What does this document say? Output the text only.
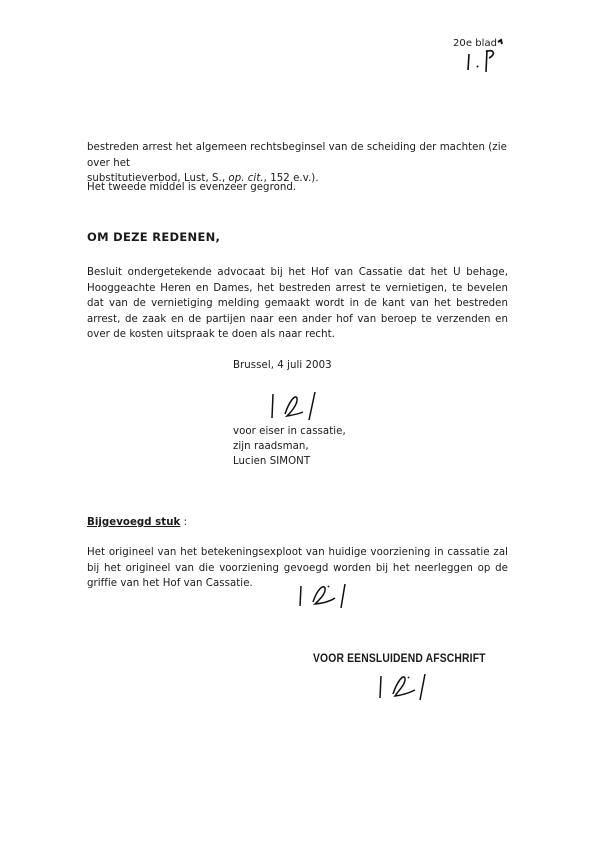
20e blad
bestreden arrest het algemeen rechtsbeginsel van de scheiding der machten (zie over het
substitutieverbod, Lust, S., op. cit., 152 e.v.).
Het tweede middel is evenzeer gegrond.
OM DEZE REDENEN,
Besluit ondergetekende advocaat bij het Hof van Cassatie dat het U behage, Hooggeachte Heren en Dames, het bestreden arrest te vernietigen, te bevelen dat van de vernietiging melding gemaakt wordt in de kant van het bestreden arrest, de zaak en de partijen naar een ander hof van beroep te verzenden en over de kosten uitspraak te doen als naar recht.
Brussel, 4 juli 2003
voor eiser in cassatie,
zijn raadsman,
Lucien SIMONT
Bijgevoegd stuk :
Het origineel van het betekeningsexploot van huidige voorziening in cassatie zal bij het origineel van die voorziening gevoegd worden bij het neerleggen op de griffie van het Hof van Cassatie.
VOOR EENSLUIDEND AFSCHRIFT
